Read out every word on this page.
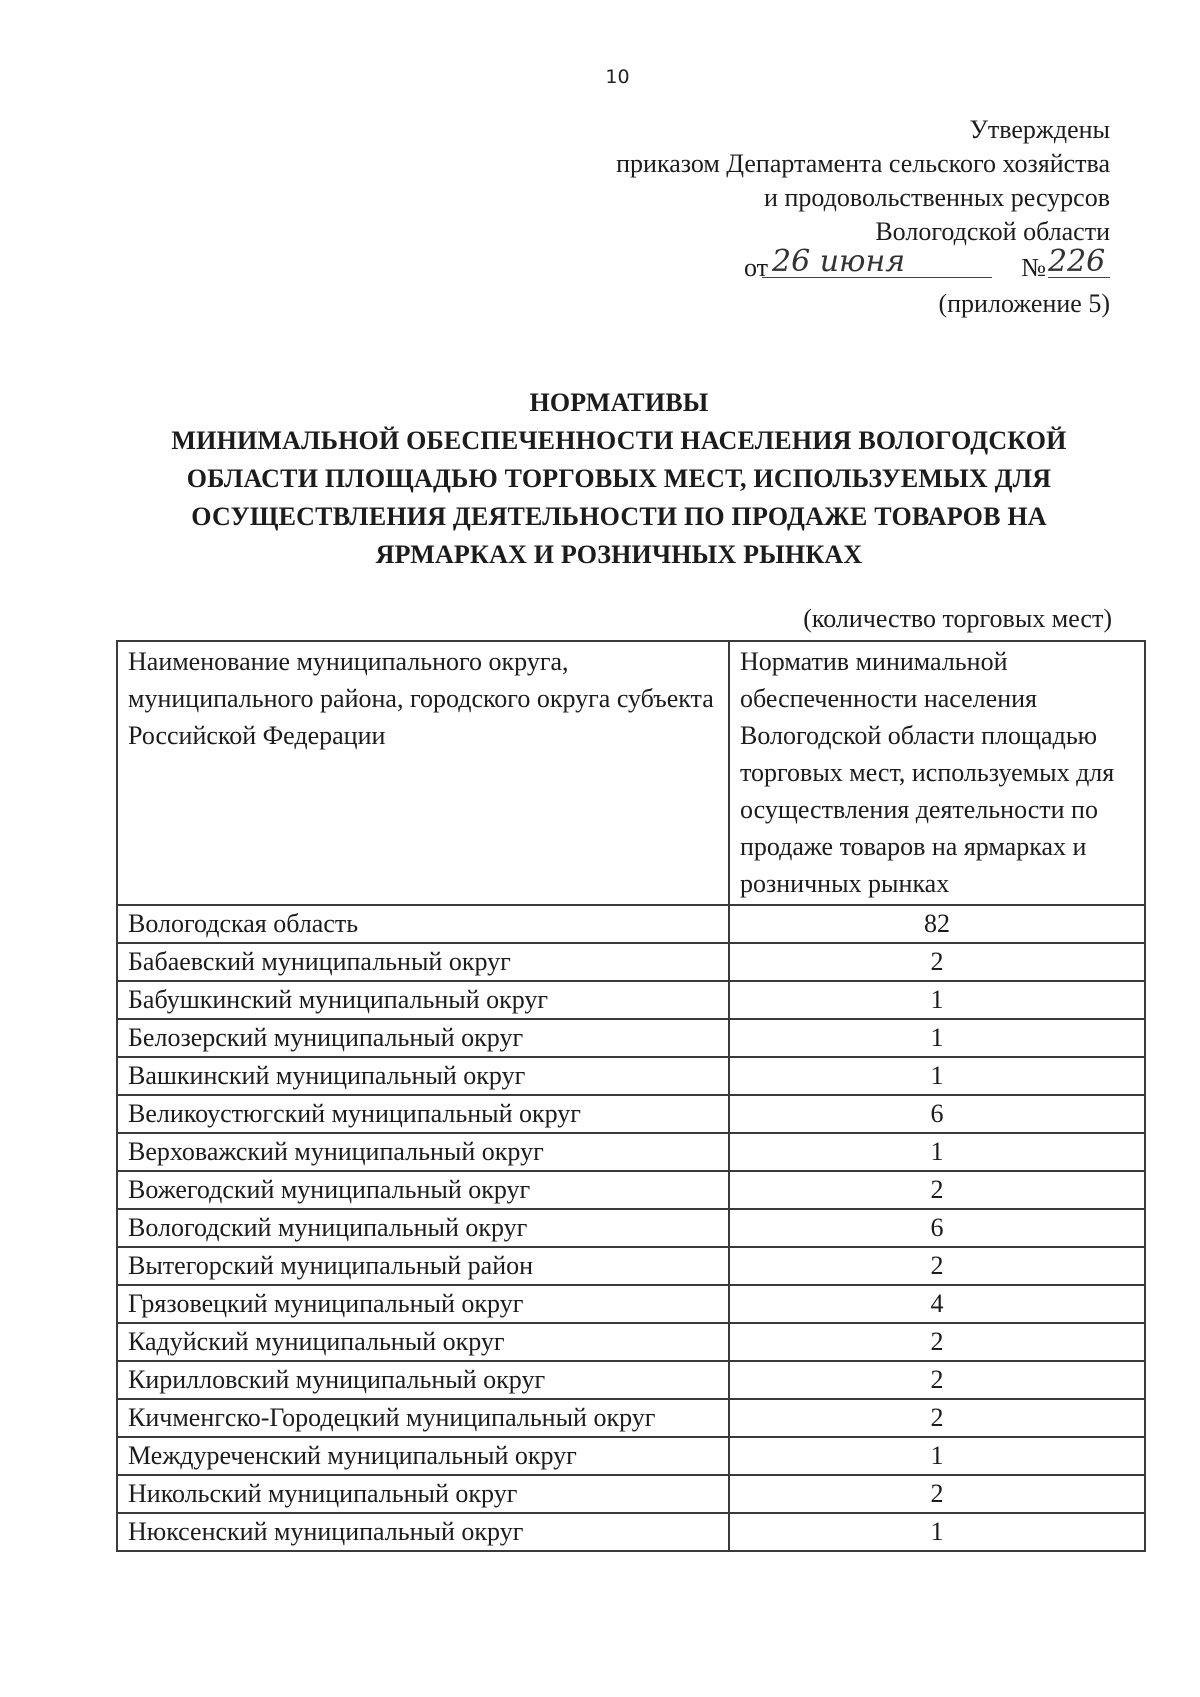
10
Утверждены
приказом Департамента сельского хозяйства
и продовольственных ресурсов
Вологодской области
от 26 июня	№ 226
(приложение 5)
НОРМАТИВЫ
МИНИМАЛЬНОЙ ОБЕСПЕЧЕННОСТИ НАСЕЛЕНИЯ ВОЛОГОДСКОЙ ОБЛАСТИ ПЛОЩАДЬЮ ТОРГОВЫХ МЕСТ, ИСПОЛЬЗУЕМЫХ ДЛЯ ОСУЩЕСТВЛЕНИЯ ДЕЯТЕЛЬНОСТИ ПО ПРОДАЖЕ ТОВАРОВ НА ЯРМАРКАХ И РОЗНИЧНЫХ РЫНКАХ
(количество торговых мест)
Наименование муниципального округа, муниципального района, городского округа субъекта Российской Федерации	Норматив минимальной обеспеченности населения Вологодской области площадью торговых мест, используемых для осуществления деятельности по продаже товаров на ярмарках и розничных рынках
Вологодская область	82
Бабаевский муниципальный округ	2
Бабушкинский муниципальный округ	1
Белозерский муниципальный округ	1
Вашкинский муниципальный округ	1
Великоустюгский муниципальный округ	6
Верховажский муниципальный округ	1
Вожегодский муниципальный округ	2
Вологодский муниципальный округ	6
Вытегорский муниципальный район	2
Грязовецкий муниципальный округ	4
Кадуйский муниципальный округ	2
Кирилловский муниципальный округ	2
Кичменгско-Городецкий муниципальный округ	2
Междуреченский муниципальный округ	1
Никольский муниципальный округ	2
Нюксенский муниципальный округ	1
